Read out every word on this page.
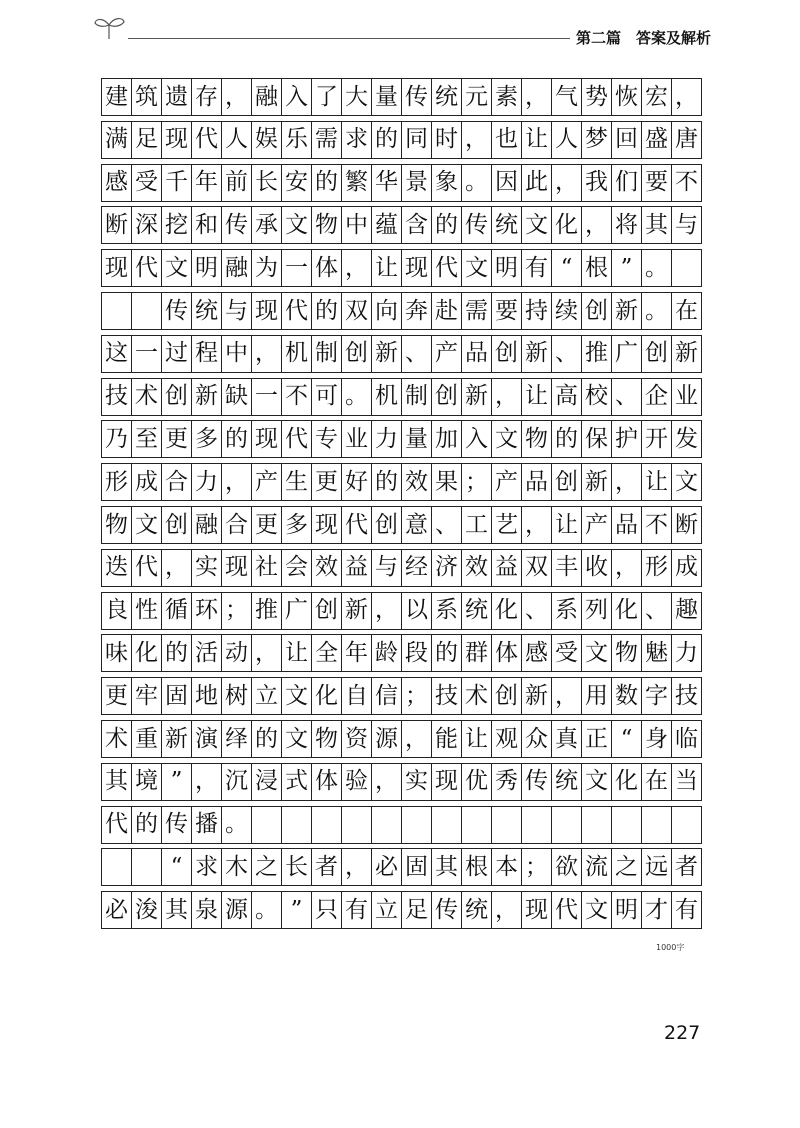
第二篇　答案及解析
建 筑 遗 存 ， 融 入 了 大 量 传 统 元 素 ， 气 势 恢 宏 ，
满 足 现 代 人 娱 乐 需 求 的 同 时 ， 也 让 人 梦 回 盛 唐
感 受 千 年 前 长 安 的 繁 华 景 象 。 因 此 ， 我 们 要 不
断 深 挖 和 传 承 文 物 中 蕴 含 的 传 统 文 化 ， 将 其 与
现 代 文 明 融 为 一 体 ， 让 现 代 文 明 有 “ 根 ” 。
传 统 与 现 代 的 双 向 奔 赴 需 要 持 续 创 新 。 在
这 一 过 程 中 ， 机 制 创 新 、 产 品 创 新 、 推 广 创 新
技 术 创 新 缺 一 不 可 。 机 制 创 新 ， 让 高 校 、 企 业
乃 至 更 多 的 现 代 专 业 力 量 加 入 文 物 的 保 护 开 发
形 成 合 力 ， 产 生 更 好 的 效 果 ； 产 品 创 新 ， 让 文
物 文 创 融 合 更 多 现 代 创 意 、 工 艺 ， 让 产 品 不 断
迭 代 ， 实 现 社 会 效 益 与 经 济 效 益 双 丰 收 ， 形 成
良 性 循 环 ； 推 广 创 新 ， 以 系 统 化 、 系 列 化 、 趣
味 化 的 活 动 ， 让 全 年 龄 段 的 群 体 感 受 文 物 魅 力
更 牢 固 地 树 立 文 化 自 信 ； 技 术 创 新 ， 用 数 字 技
术 重 新 演 绎 的 文 物 资 源 ， 能 让 观 众 真 正 “ 身 临
其 境 ” ， 沉 浸 式 体 验 ， 实 现 优 秀 传 统 文 化 在 当
代 的 传 播 。
“ 求 木 之 长 者 ， 必 固 其 根 本 ； 欲 流 之 远 者
必 浚 其 泉 源 。 ” 只 有 立 足 传 统 ， 现 代 文 明 才 有
1000字
227
